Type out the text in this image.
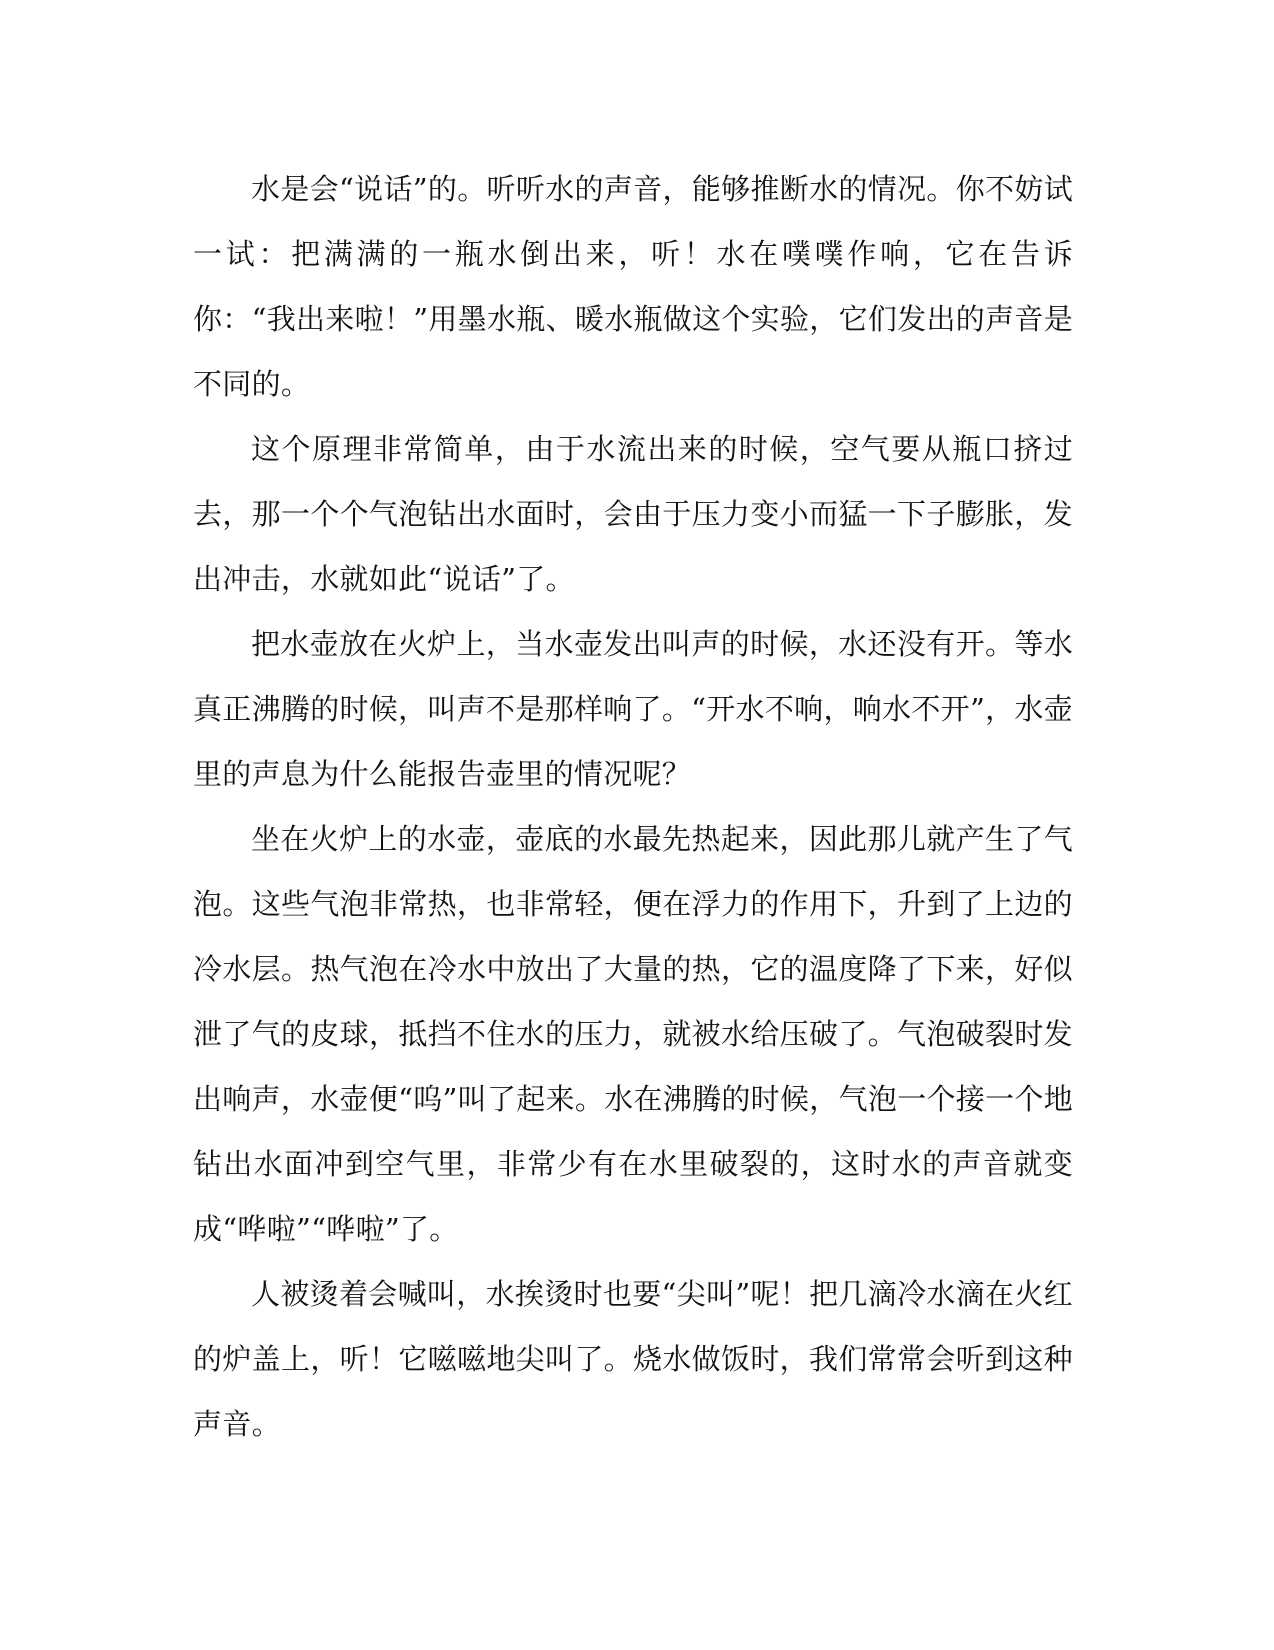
水是会“说话”的。听听水的声音，能够推断水的情况。你不妨试一试：把满满的一瓶水倒出来，听！水在噗噗作响，它在告诉你：“我出来啦！”用墨水瓶、暖水瓶做这个实验，它们发出的声音是不同的。

这个原理非常简单，由于水流出来的时候，空气要从瓶口挤过去，那一个个气泡钻出水面时，会由于压力变小而猛一下子膨胀，发出冲击，水就如此“说话”了。

把水壶放在火炉上，当水壶发出叫声的时候，水还没有开。等水真正沸腾的时候，叫声不是那样响了。“开水不响，响水不开”，水壶里的声息为什么能报告壶里的情况呢？

坐在火炉上的水壶，壶底的水最先热起来，因此那儿就产生了气泡。这些气泡非常热，也非常轻，便在浮力的作用下，升到了上边的冷水层。热气泡在冷水中放出了大量的热，它的温度降了下来，好似泄了气的皮球，抵挡不住水的压力，就被水给压破了。气泡破裂时发出响声，水壶便“呜”叫了起来。水在沸腾的时候，气泡一个接一个地钻出水面冲到空气里，非常少有在水里破裂的，这时水的声音就变成“哗啦”“哗啦”了。

人被烫着会喊叫，水挨烫时也要“尖叫”呢！把几滴冷水滴在火红的炉盖上，听！它嗞嗞地尖叫了。烧水做饭时，我们常常会听到这种声音。
